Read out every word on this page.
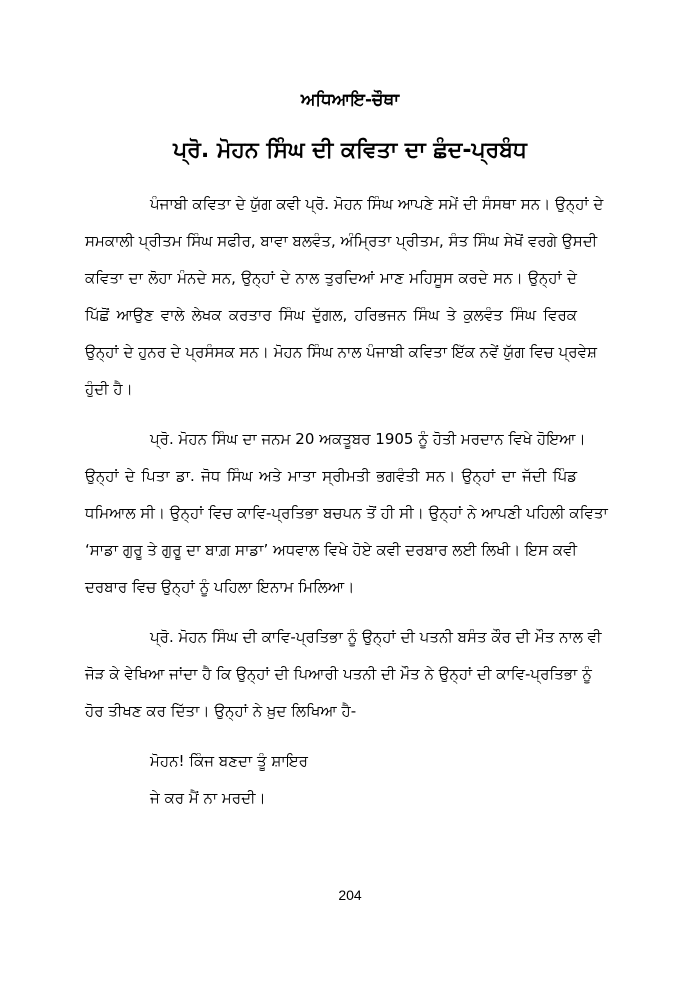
ਅਧਿਆਇ-ਚੌਥਾ
ਪ੍ਰੋ. ਮੋਹਨ ਸਿੰਘ ਦੀ ਕਵਿਤਾ ਦਾ ਛੰਦ-ਪ੍ਰਬੰਧ
ਪੰਜਾਬੀ ਕਵਿਤਾ ਦੇ ਯੁੱਗ ਕਵੀ ਪ੍ਰੋ. ਮੋਹਨ ਸਿੰਘ ਆਪਣੇ ਸਮੇਂ ਦੀ ਸੰਸਥਾ ਸਨ। ਉਨ੍ਹਾਂ ਦੇ
ਸਮਕਾਲੀ ਪ੍ਰੀਤਮ ਸਿੰਘ ਸਫੀਰ, ਬਾਵਾ ਬਲਵੰਤ, ਅੰਮ੍ਰਿਤਾ ਪ੍ਰੀਤਮ, ਸੰਤ ਸਿੰਘ ਸੇਖੋਂ ਵਰਗੇ ਉਸਦੀ
ਕਵਿਤਾ ਦਾ ਲੋਹਾ ਮੰਨਦੇ ਸਨ, ਉਨ੍ਹਾਂ ਦੇ ਨਾਲ ਤੁਰਦਿਆਂ ਮਾਣ ਮਹਿਸੂਸ ਕਰਦੇ ਸਨ। ਉਨ੍ਹਾਂ ਦੇ
ਪਿੱਛੋਂ ਆਉਣ ਵਾਲੇ ਲੇਖਕ ਕਰਤਾਰ ਸਿੰਘ ਦੁੱਗਲ, ਹਰਿਭਜਨ ਸਿੰਘ ਤੇ ਕੁਲਵੰਤ ਸਿੰਘ ਵਿਰਕ
ਉਨ੍ਹਾਂ ਦੇ ਹੁਨਰ ਦੇ ਪ੍ਰਸੰਸਕ ਸਨ। ਮੋਹਨ ਸਿੰਘ ਨਾਲ ਪੰਜਾਬੀ ਕਵਿਤਾ ਇੱਕ ਨਵੇਂ ਯੁੱਗ ਵਿਚ ਪ੍ਰਵੇਸ਼
ਹੁੰਦੀ ਹੈ।
ਪ੍ਰੋ. ਮੋਹਨ ਸਿੰਘ ਦਾ ਜਨਮ 20 ਅਕਤੂਬਰ 1905 ਨੂੰ ਹੋਤੀ ਮਰਦਾਨ ਵਿਖੇ ਹੋਇਆ।
ਉਨ੍ਹਾਂ ਦੇ ਪਿਤਾ ਡਾ. ਜੋਧ ਸਿੰਘ ਅਤੇ ਮਾਤਾ ਸ੍ਰੀਮਤੀ ਭਗਵੰਤੀ ਸਨ। ਉਨ੍ਹਾਂ ਦਾ ਜੱਦੀ ਪਿੰਡ
ਧਮਿਆਲ ਸੀ। ਉਨ੍ਹਾਂ ਵਿਚ ਕਾਵਿ-ਪ੍ਰਤਿਭਾ ਬਚਪਨ ਤੋਂ ਹੀ ਸੀ। ਉਨ੍ਹਾਂ ਨੇ ਆਪਣੀ ਪਹਿਲੀ ਕਵਿਤਾ
‘ਸਾਡਾ ਗੁਰੂ ਤੇ ਗੁਰੂ ਦਾ ਬਾਗ਼ ਸਾਡਾ’ ਅਧਵਾਲ ਵਿਖੇ ਹੋਏ ਕਵੀ ਦਰਬਾਰ ਲਈ ਲਿਖੀ। ਇਸ ਕਵੀ
ਦਰਬਾਰ ਵਿਚ ਉਨ੍ਹਾਂ ਨੂੰ ਪਹਿਲਾ ਇਨਾਮ ਮਿਲਿਆ।
ਪ੍ਰੋ. ਮੋਹਨ ਸਿੰਘ ਦੀ ਕਾਵਿ-ਪ੍ਰਤਿਭਾ ਨੂੰ ਉਨ੍ਹਾਂ ਦੀ ਪਤਨੀ ਬਸੰਤ ਕੌਰ ਦੀ ਮੌਤ ਨਾਲ ਵੀ
ਜੋੜ ਕੇ ਵੇਖਿਆ ਜਾਂਦਾ ਹੈ ਕਿ ਉਨ੍ਹਾਂ ਦੀ ਪਿਆਰੀ ਪਤਨੀ ਦੀ ਮੌਤ ਨੇ ਉਨ੍ਹਾਂ ਦੀ ਕਾਵਿ-ਪ੍ਰਤਿਭਾ ਨੂੰ
ਹੋਰ ਤੀਖਣ ਕਰ ਦਿੱਤਾ। ਉਨ੍ਹਾਂ ਨੇ ਖ਼ੁਦ ਲਿਖਿਆ ਹੈ-
ਮੋਹਨ! ਕਿੰਜ ਬਣਦਾ ਤੂੰ ਸ਼ਾਇਰ
ਜੇ ਕਰ ਮੈਂ ਨਾ ਮਰਦੀ।
204
